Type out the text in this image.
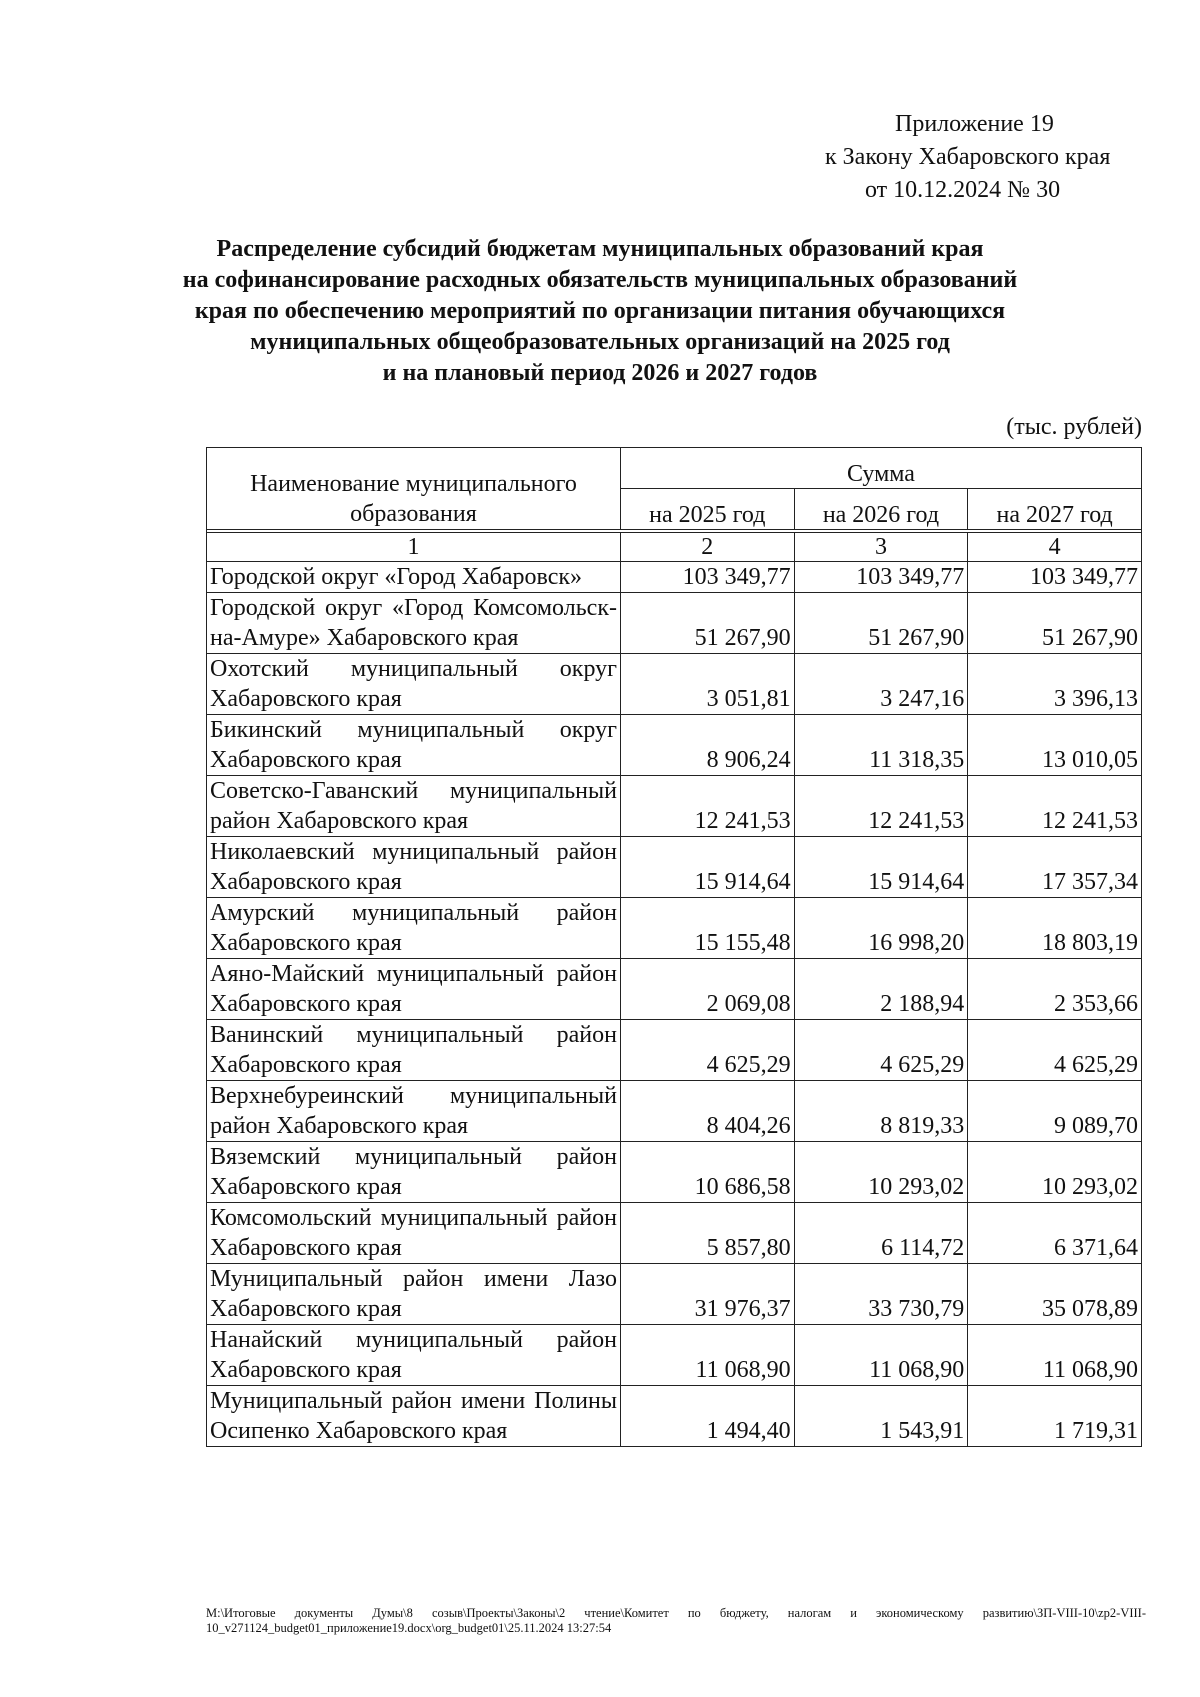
Приложение 19
к Закону Хабаровского края
от 10.12.2024 № 30
Распределение субсидий бюджетам муниципальных образований края
на софинансирование расходных обязательств муниципальных образований
края по обеспечению мероприятий по организации питания обучающихся
муниципальных общеобразовательных организаций на 2025 год
и на плановый период 2026 и 2027 годов
(тыс. рублей)
Наименование муниципального образования	Сумма		
	на 2025 год	на 2026 год	на 2027 год

1	2	3	4
Городской округ «Город Хабаровск»	103 349,77	103 349,77	103 349,77
Городской округ «Город Комсомольск-на-Амуре» Хабаровского края	51 267,90	51 267,90	51 267,90
Охотский муниципальный округ Хабаровского края	3 051,81	3 247,16	3 396,13
Бикинский муниципальный округ Хабаровского края	8 906,24	11 318,35	13 010,05
Советско-Гаванский муниципальный район Хабаровского края	12 241,53	12 241,53	12 241,53
Николаевский муниципальный район Хабаровского края	15 914,64	15 914,64	17 357,34
Амурский муниципальный район Хабаровского края	15 155,48	16 998,20	18 803,19
Аяно-Майский муниципальный район Хабаровского края	2 069,08	2 188,94	2 353,66
Ванинский муниципальный район Хабаровского края	4 625,29	4 625,29	4 625,29
Верхнебуреинский муниципальный район Хабаровского края	8 404,26	8 819,33	9 089,70
Вяземский муниципальный район Хабаровского края	10 686,58	10 293,02	10 293,02
Комсомольский муниципальный район Хабаровского края	5 857,80	6 114,72	6 371,64
Муниципальный район имени Лазо Хабаровского края	31 976,37	33 730,79	35 078,89
Нанайский муниципальный район Хабаровского края	11 068,90	11 068,90	11 068,90
Муниципальный район имени Полины Осипенко Хабаровского края	1 494,40	1 543,91	1 719,31
M:\Итоговые документы Думы\8 созыв\Проекты\Законы\2 чтение\Комитет по бюджету, налогам и экономическому развитию\ЗП-VIII-10\zp2-VIII-10_v271124_budget01_приложение19.docx\org_budget01\25.11.2024 13:27:54
